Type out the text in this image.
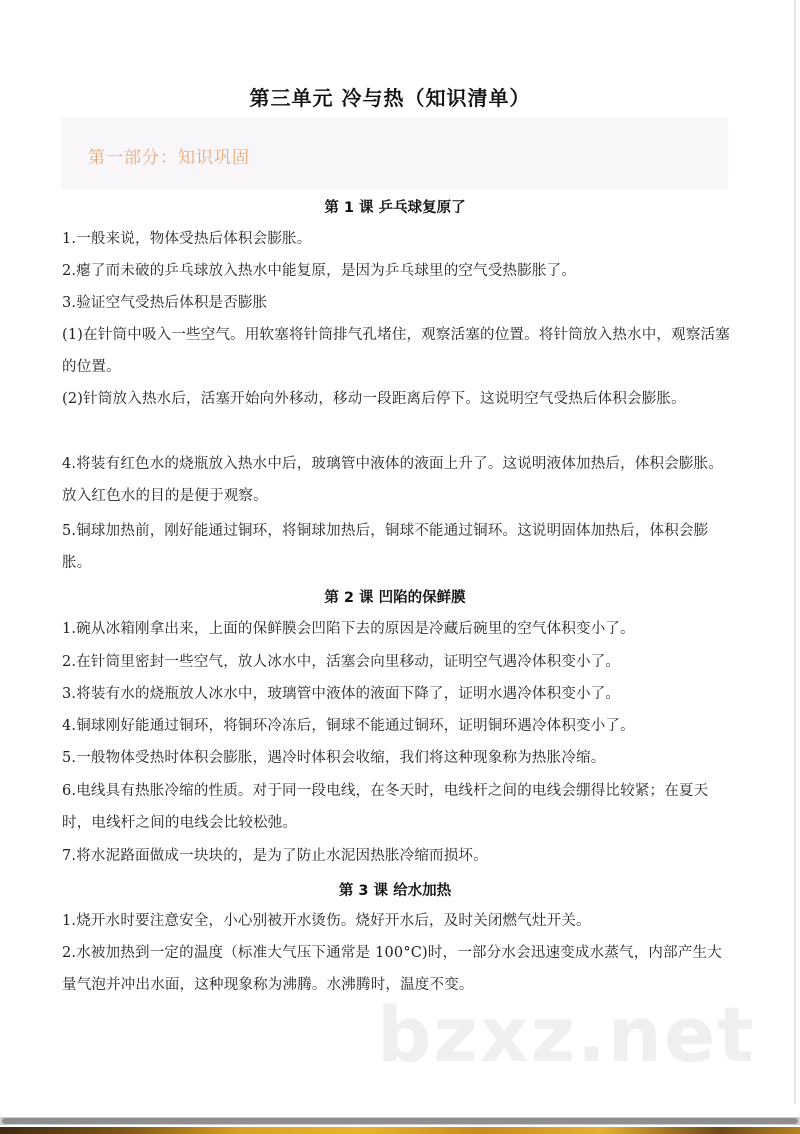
第三单元 冷与热（知识清单）
第一部分：知识巩固
第 1 课 乒乓球复原了
1.一般来说，物体受热后体积会膨胀。
2.瘪了而未破的乒乓球放入热水中能复原，是因为乒乓球里的空气受热膨胀了。
3.验证空气受热后体积是否膨胀
(1)在针筒中吸入一些空气。用软塞将针筒排气孔堵住，观察活塞的位置。将针筒放入热水中，观察活塞的位置。
(2)针筒放入热水后，活塞开始向外移动，移动一段距离后停下。这说明空气受热后体积会膨胀。
4.将装有红色水的烧瓶放入热水中后，玻璃管中液体的液面上升了。这说明液体加热后，体积会膨胀。放入红色水的目的是便于观察。
5.铜球加热前，刚好能通过铜环，将铜球加热后，铜球不能通过铜环。这说明固体加热后，体积会膨胀。
第 2 课 凹陷的保鲜膜
1.碗从冰箱刚拿出来，上面的保鲜膜会凹陷下去的原因是冷藏后碗里的空气体积变小了。
2.在针筒里密封一些空气，放人冰水中，活塞会向里移动，证明空气遇冷体积变小了。
3.将装有水的烧瓶放人冰水中，玻璃管中液体的液面下降了，证明水遇冷体积变小了。
4.铜球刚好能通过铜环，将铜环冷冻后，铜球不能通过铜环，证明铜环遇冷体积变小了。
5.一般物体受热时体积会膨胀，遇冷时体积会收缩，我们将这种现象称为热胀冷缩。
6.电线具有热胀冷缩的性质。对于同一段电线，在冬天时，电线杆之间的电线会绷得比较紧；在夏天时，电线杆之间的电线会比较松弛。
7.将水泥路面做成一块块的，是为了防止水泥因热胀冷缩而损坏。
第 3 课 给水加热
1.烧开水时要注意安全，小心别被开水烫伤。烧好开水后，及时关闭燃气灶开关。
2.水被加热到一定的温度（标准大气压下通常是 100°C)时，一部分水会迅速变成水蒸气，内部产生大量气泡并冲出水面，这种现象称为沸腾。水沸腾时，温度不变。
bzxz.net
